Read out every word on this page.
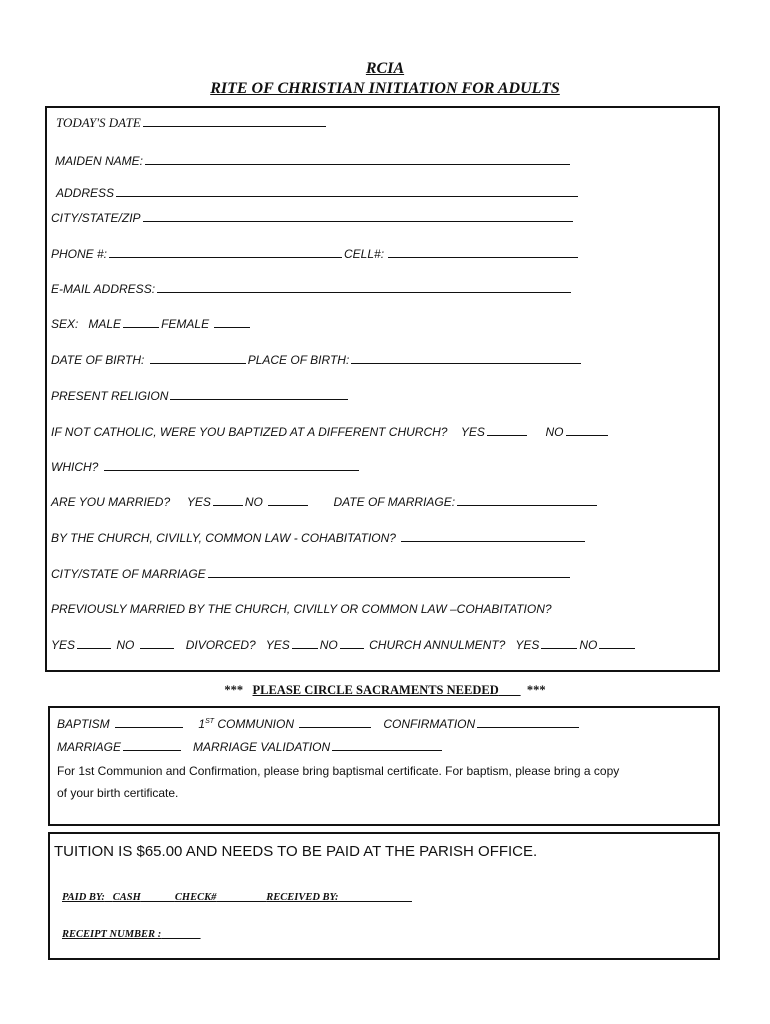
RCIA
RITE OF CHRISTIAN INITIATION FOR ADULTS
TODAY'S DATE
MAIDEN NAME:
ADDRESS
CITY/STATE/ZIP
PHONE #:	CELL#:
E-MAIL ADDRESS:
SEX: MALE	FEMALE
DATE OF BIRTH:	PLACE OF BIRTH:
PRESENT RELIGION
IF NOT CATHOLIC, WERE YOU BAPTIZED AT A DIFFERENT CHURCH? YES	NO
WHICH?
ARE YOU MARRIED? YES	NO	DATE OF MARRIAGE:
BY THE CHURCH, CIVILLY, COMMON LAW - COHABITATION?
CITY/STATE OF MARRIAGE
PREVIOUSLY MARRIED BY THE CHURCH, CIVILLY OR COMMON LAW –COHABITATION?
YES	NO	DIVORCED? YES	NO	CHURCH ANNULMENT? YES	NO
*** PLEASE CIRCLE SACRAMENTS NEEDED ***
BAPTISM	1ST COMMUNION	CONFIRMATION
MARRIAGE	MARRIAGE VALIDATION
For 1st Communion and Confirmation, please bring baptismal certificate. For baptism, please bring a copy
of your birth certificate.
TUITION IS $65.00 AND NEEDS TO BE PAID AT THE PARISH OFFICE.
PAID BY: CASH	CHECK#	RECEIVED BY:
RECEIPT NUMBER :
